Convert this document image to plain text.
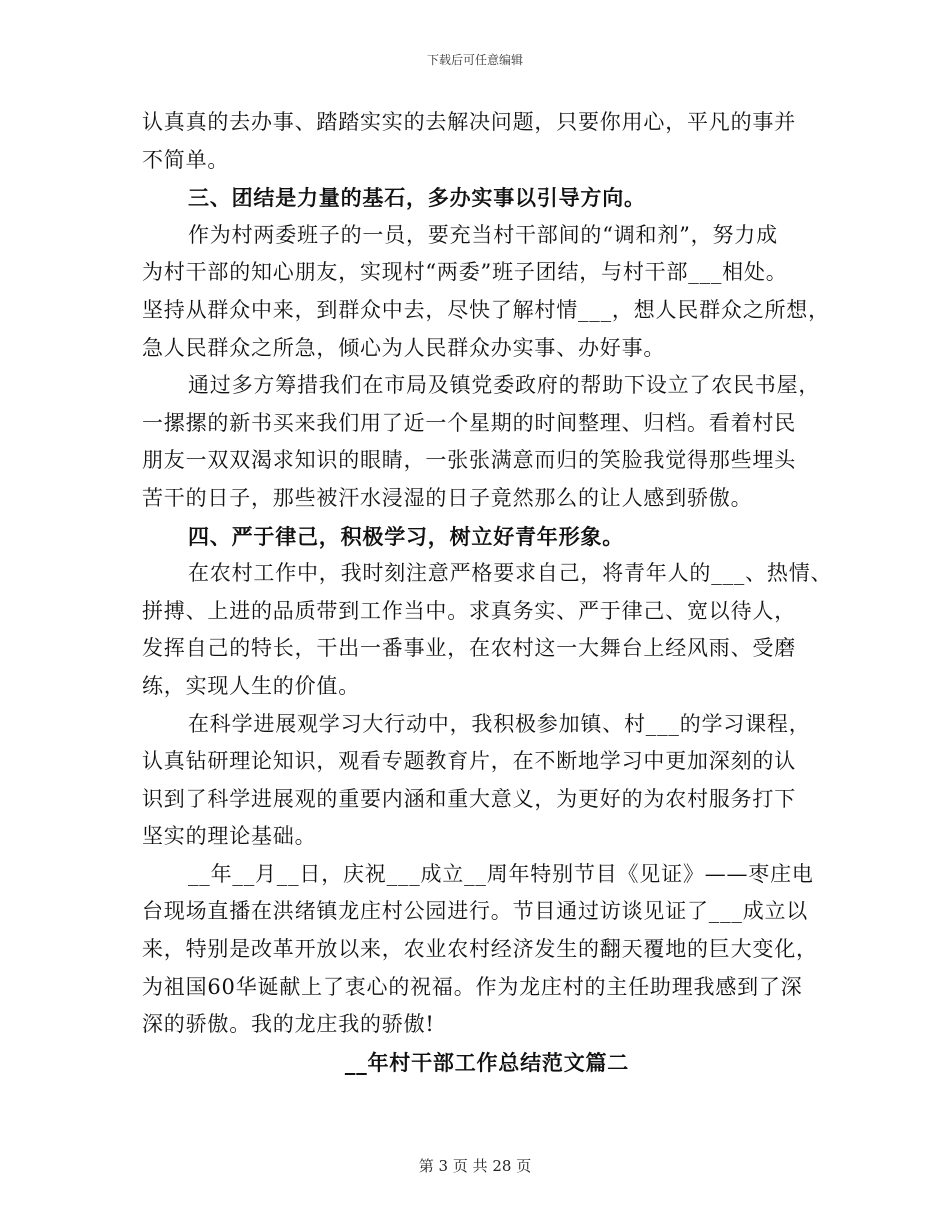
下载后可任意编辑
认真真的去办事、踏踏实实的去解决问题，只要你用心，平凡的事并
不简单。
三、团结是力量的基石，多办实事以引导方向。
作为村两委班子的一员，要充当村干部间的“调和剂”，努力成
为村干部的知心朋友，实现村“两委”班子团结，与村干部___相处。
坚持从群众中来，到群众中去，尽快了解村情___，想人民群众之所想，
急人民群众之所急，倾心为人民群众办实事、办好事。
通过多方筹措我们在市局及镇党委政府的帮助下设立了农民书屋，
一摞摞的新书买来我们用了近一个星期的时间整理、归档。看着村民
朋友一双双渴求知识的眼睛，一张张满意而归的笑脸我觉得那些埋头
苦干的日子，那些被汗水浸湿的日子竟然那么的让人感到骄傲。
四、严于律己，积极学习，树立好青年形象。
在农村工作中，我时刻注意严格要求自己，将青年人的___、热情、
拼搏、上进的品质带到工作当中。求真务实、严于律己、宽以待人，
发挥自己的特长，干出一番事业，在农村这一大舞台上经风雨、受磨
练，实现人生的价值。
在科学进展观学习大行动中，我积极参加镇、村___的学习课程，
认真钻研理论知识，观看专题教育片，在不断地学习中更加深刻的认
识到了科学进展观的重要内涵和重大意义，为更好的为农村服务打下
坚实的理论基础。
__年__月__日，庆祝___成立__周年特别节目《见证》——枣庄电
台现场直播在洪绪镇龙庄村公园进行。节目通过访谈见证了___成立以
来，特别是改革开放以来，农业农村经济发生的翻天覆地的巨大变化，
为祖国60华诞献上了衷心的祝福。作为龙庄村的主任助理我感到了深
深的骄傲。我的龙庄我的骄傲!
__年村干部工作总结范文篇二
第 3 页 共 28 页
